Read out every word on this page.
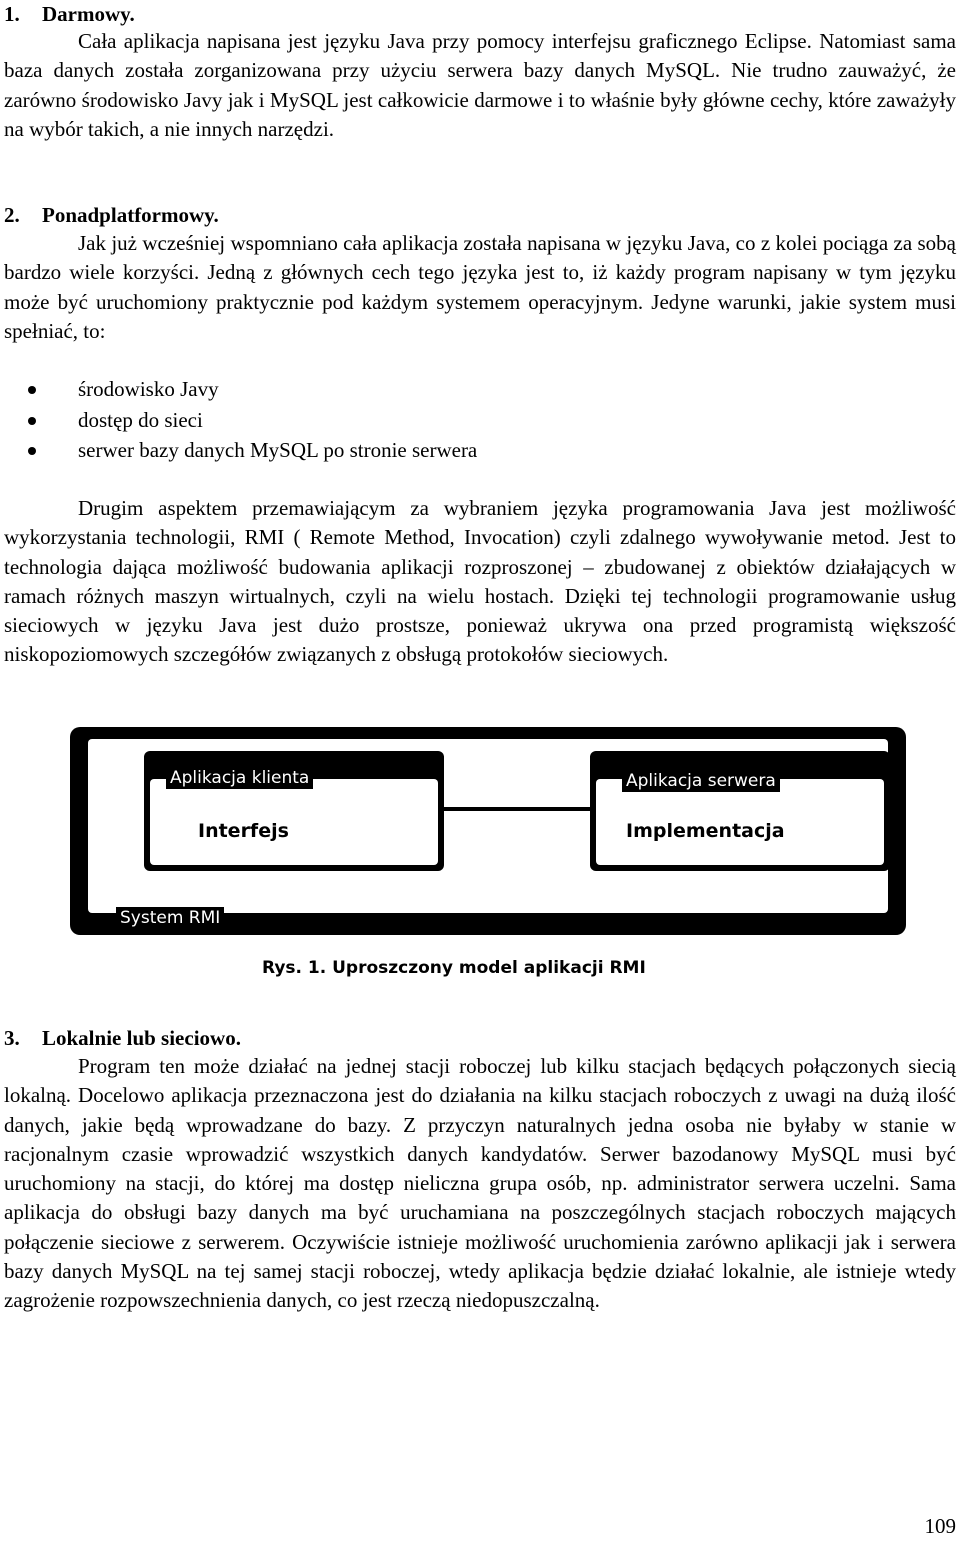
1. Darmowy.

Cała aplikacja napisana jest języku Java przy pomocy interfejsu graficznego Eclipse. Natomiast sama baza danych została zorganizowana przy użyciu serwera bazy danych MySQL. Nie trudno zauważyć, że zarówno środowisko Javy jak i MySQL jest całkowicie darmowe i to właśnie były główne cechy, które zaważyły na wybór takich, a nie innych narzędzi.

2. Ponadplatformowy.

Jak już wcześniej wspomniano cała aplikacja została napisana w języku Java, co z kolei pociąga za sobą bardzo wiele korzyści. Jedną z głównych cech tego języka jest to, iż każdy program napisany w tym języku może być uruchomiony praktycznie pod każdym systemem operacyjnym. Jedyne warunki, jakie system musi spełniać, to:

środowisko Javy
dostęp do sieci
serwer bazy danych MySQL po stronie serwera

Drugim aspektem przemawiającym za wybraniem języka programowania Java jest możliwość wykorzystania technologii, RMI ( Remote Method, Invocation) czyli zdalnego wywoływanie metod. Jest to technologia dająca możliwość budowania aplikacji rozproszonej – zbudowanej z obiektów działających w ramach różnych maszyn wirtualnych, czyli na wielu hostach. Dzięki tej technologii programowanie usług sieciowych w języku Java jest dużo prostsze, ponieważ ukrywa ona przed programistą większość niskopoziomowych szczegółów związanych z obsługą protokołów sieciowych.

Aplikacja klienta	Aplikacja serwera
Interfejs	Implementacja
System RMI
Rys. 1. Uproszczony model aplikacji RMI
3. Lokalnie lub sieciowo.

Program ten może działać na jednej stacji roboczej lub kilku stacjach będących połączonych siecią lokalną. Docelowo aplikacja przeznaczona jest do działania na kilku stacjach roboczych z uwagi na dużą ilość danych, jakie będą wprowadzane do bazy. Z przyczyn naturalnych jedna osoba nie byłaby w stanie w racjonalnym czasie wprowadzić wszystkich danych kandydatów. Serwer bazodanowy MySQL musi być uruchomiony na stacji, do której ma dostęp nieliczna grupa osób, np. administrator serwera uczelni. Sama aplikacja do obsługi bazy danych ma być uruchamiana na poszczególnych stacjach roboczych mających połączenie sieciowe z serwerem. Oczywiście istnieje możliwość uruchomienia zarówno aplikacji jak i serwera bazy danych MySQL na tej samej stacji roboczej, wtedy aplikacja będzie działać lokalnie, ale istnieje wtedy zagrożenie rozpowszechnienia danych, co jest rzeczą niedopuszczalną.

109
